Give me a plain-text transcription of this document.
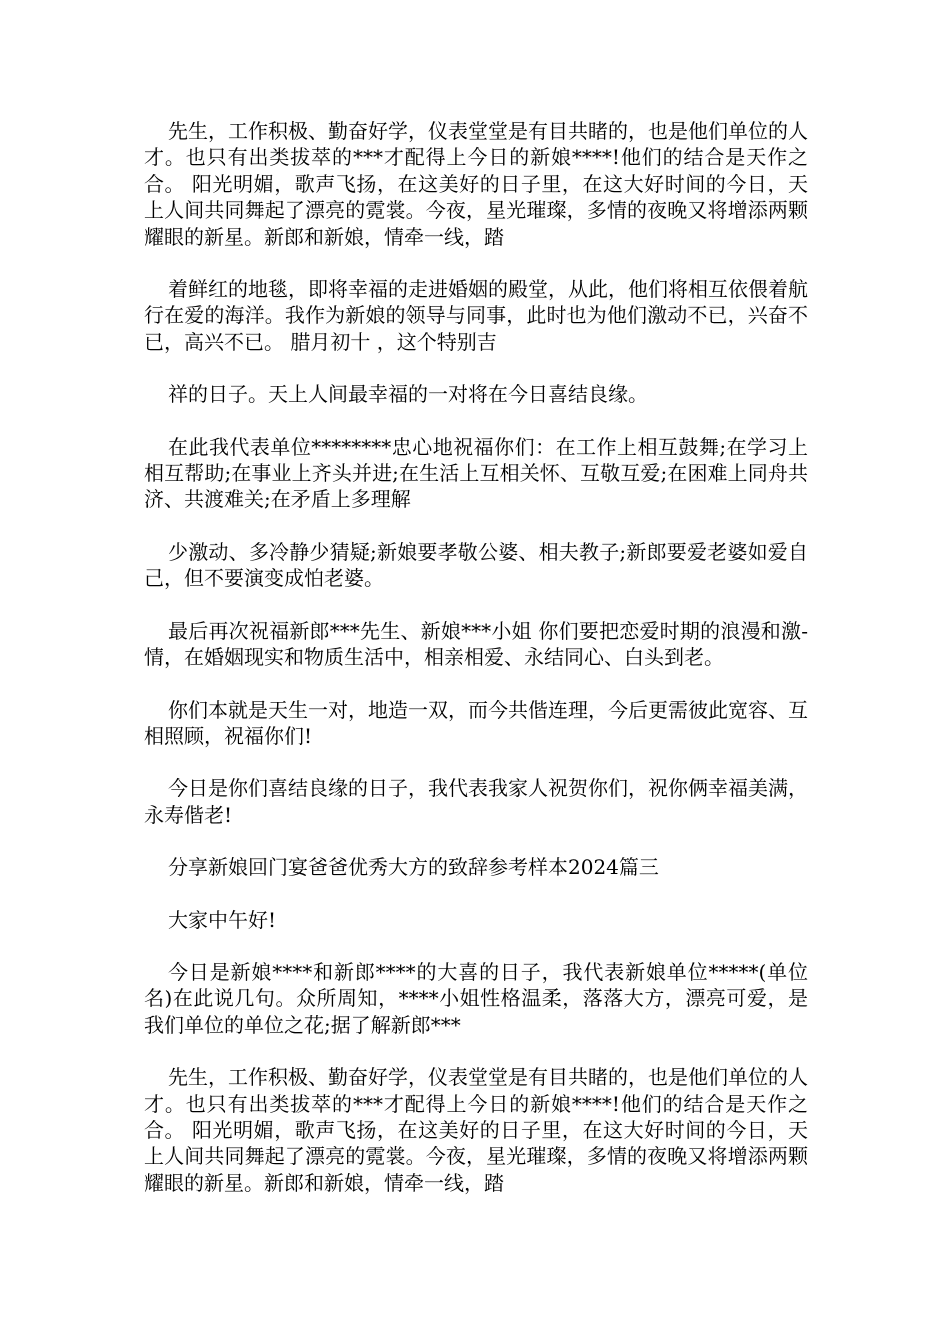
先生，工作积极、勤奋好学，仪表堂堂是有目共睹的，也是他们单位的人才。也只有出类拔萃的***才配得上今日的新娘****!他们的结合是天作之合。 阳光明媚，歌声飞扬，在这美好的日子里，在这大好时间的今日，天上人间共同舞起了漂亮的霓裳。今夜，星光璀璨，多情的夜晚又将增添两颗耀眼的新星。新郎和新娘，情牵一线，踏

着鲜红的地毯，即将幸福的走进婚姻的殿堂，从此，他们将相互依偎着航行在爱的海洋。我作为新娘的领导与同事，此时也为他们激动不已，兴奋不已，高兴不已。 腊月初十 ，这个特别吉

祥的日子。天上人间最幸福的一对将在今日喜结良缘。

在此我代表单位********忠心地祝福你们：在工作上相互鼓舞;在学习上相互帮助;在事业上齐头并进;在生活上互相关怀、互敬互爱;在困难上同舟共济、共渡难关;在矛盾上多理解

少激动、多冷静少猜疑;新娘要孝敬公婆、相夫教子;新郎要爱老婆如爱自己，但不要演变成怕老婆。

最后再次祝福新郎***先生、新娘***小姐 你们要把恋爱时期的浪漫和激-情，在婚姻现实和物质生活中，相亲相爱、永结同心、白头到老。

你们本就是天生一对，地造一双，而今共偕连理，今后更需彼此宽容、互相照顾，祝福你们!

今日是你们喜结良缘的日子，我代表我家人祝贺你们，祝你俩幸福美满，永寿偕老!

分享新娘回门宴爸爸优秀大方的致辞参考样本2024篇三

大家中午好!

今日是新娘****和新郎****的大喜的日子，我代表新娘单位*****(单位名)在此说几句。众所周知，****小姐性格温柔，落落大方，漂亮可爱，是我们单位的单位之花;据了解新郎***

先生，工作积极、勤奋好学，仪表堂堂是有目共睹的，也是他们单位的人才。也只有出类拔萃的***才配得上今日的新娘****!他们的结合是天作之合。 阳光明媚，歌声飞扬，在这美好的日子里，在这大好时间的今日，天上人间共同舞起了漂亮的霓裳。今夜，星光璀璨，多情的夜晚又将增添两颗耀眼的新星。新郎和新娘，情牵一线，踏
